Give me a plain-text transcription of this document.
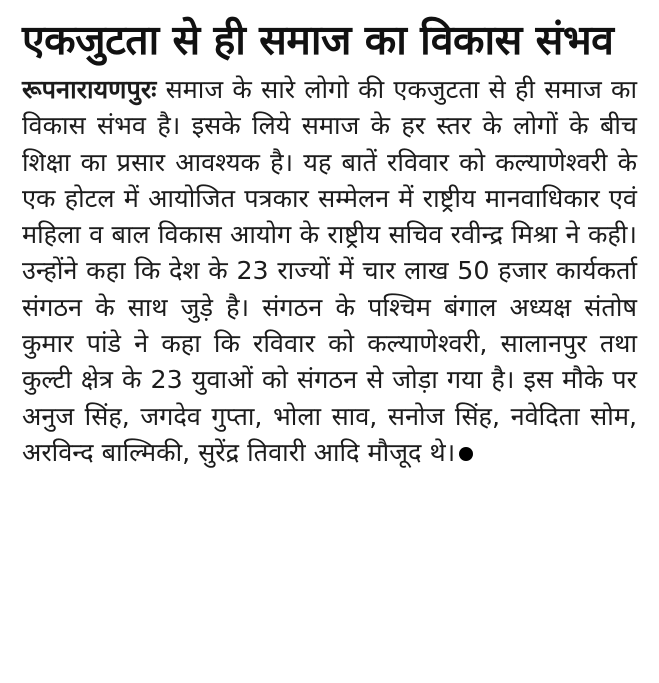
एकजुटता से ही समाज का विकास संभव

रूपनारायणपुरः समाज के सारे लोगो की एकजुटता से ही समाज का विकास संभव है। इसके लिये समाज के हर स्तर के लोगों के बीच शिक्षा का प्रसार आवश्यक है। यह बातें रविवार को कल्याणेश्वरी के एक होटल में आयोजित पत्रकार सम्मेलन में राष्ट्रीय मानवाधिकार एवं महिला व बाल विकास आयोग के राष्ट्रीय सचिव रवीन्द्र मिश्रा ने कही। उन्होंने कहा कि देश के 23 राज्यों में चार लाख 50 हजार कार्यकर्ता संगठन के साथ जुड़े है। संगठन के पश्चिम बंगाल अध्यक्ष संतोष कुमार पांडे ने कहा कि रविवार को कल्याणेश्वरी, सालानपुर तथा कुल्टी क्षेत्र के 23 युवाओं को संगठन से जोड़ा गया है। इस मौके पर अनुज सिंह, जगदेव गुप्ता, भोला साव, सनोज सिंह, नवेदिता सोम, अरविन्द बाल्मिकी, सुरेंद्र तिवारी आदि मौजूद थे।
